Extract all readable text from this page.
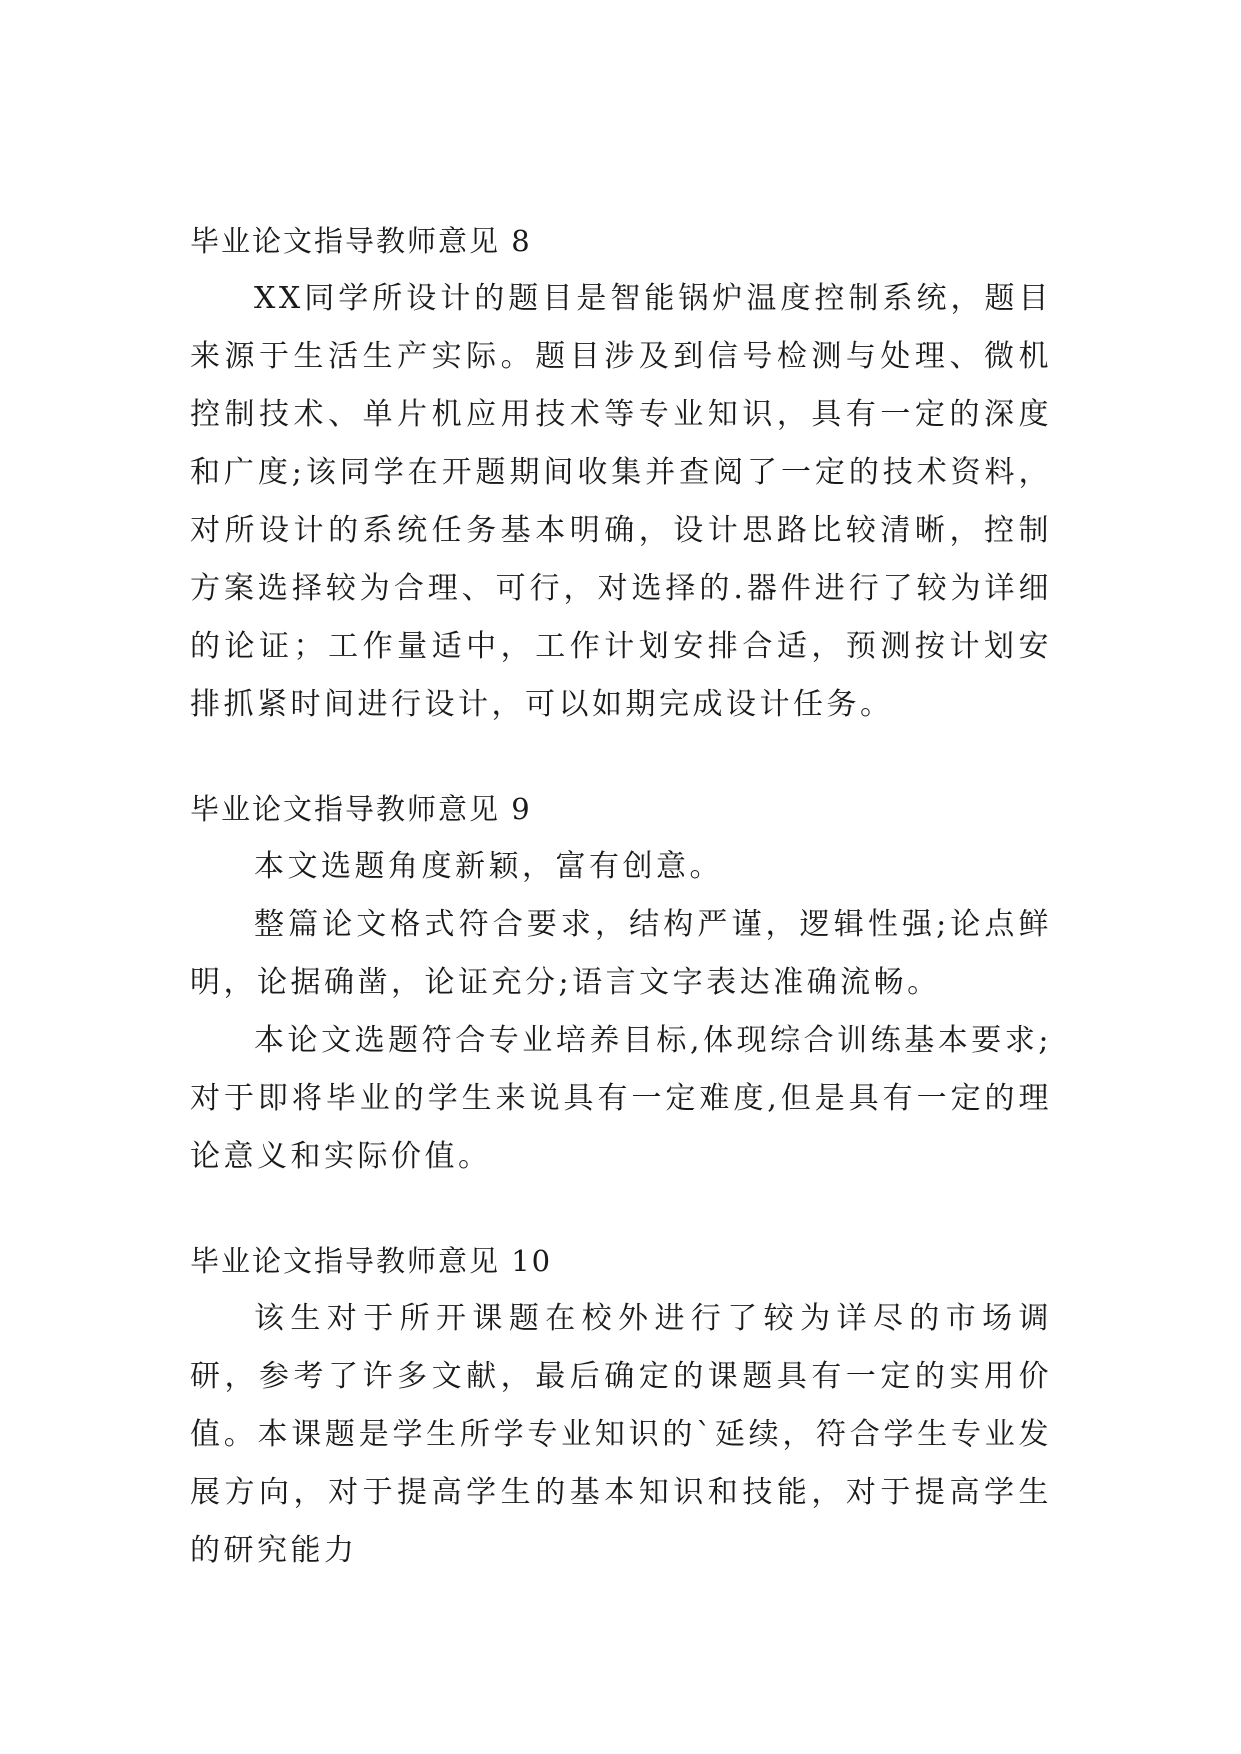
毕业论文指导教师意见 8

XX同学所设计的题目是智能锅炉温度控制系统，题目来源于生活生产实际。题目涉及到信号检测与处理、微机控制技术、单片机应用技术等专业知识，具有一定的深度和广度;该同学在开题期间收集并查阅了一定的技术资料，对所设计的系统任务基本明确，设计思路比较清晰，控制方案选择较为合理、可行，对选择的.器件进行了较为详细的论证；工作量适中，工作计划安排合适，预测按计划安排抓紧时间进行设计，可以如期完成设计任务。

毕业论文指导教师意见 9

本文选题角度新颖，富有创意。

整篇论文格式符合要求，结构严谨，逻辑性强;论点鲜明，论据确凿，论证充分;语言文字表达准确流畅。

本论文选题符合专业培养目标,体现综合训练基本要求;对于即将毕业的学生来说具有一定难度,但是具有一定的理论意义和实际价值。

毕业论文指导教师意见 10

该生对于所开课题在校外进行了较为详尽的市场调研，参考了许多文献，最后确定的课题具有一定的实用价值。本课题是学生所学专业知识的`延续，符合学生专业发展方向，对于提高学生的基本知识和技能，对于提高学生的研究能力
